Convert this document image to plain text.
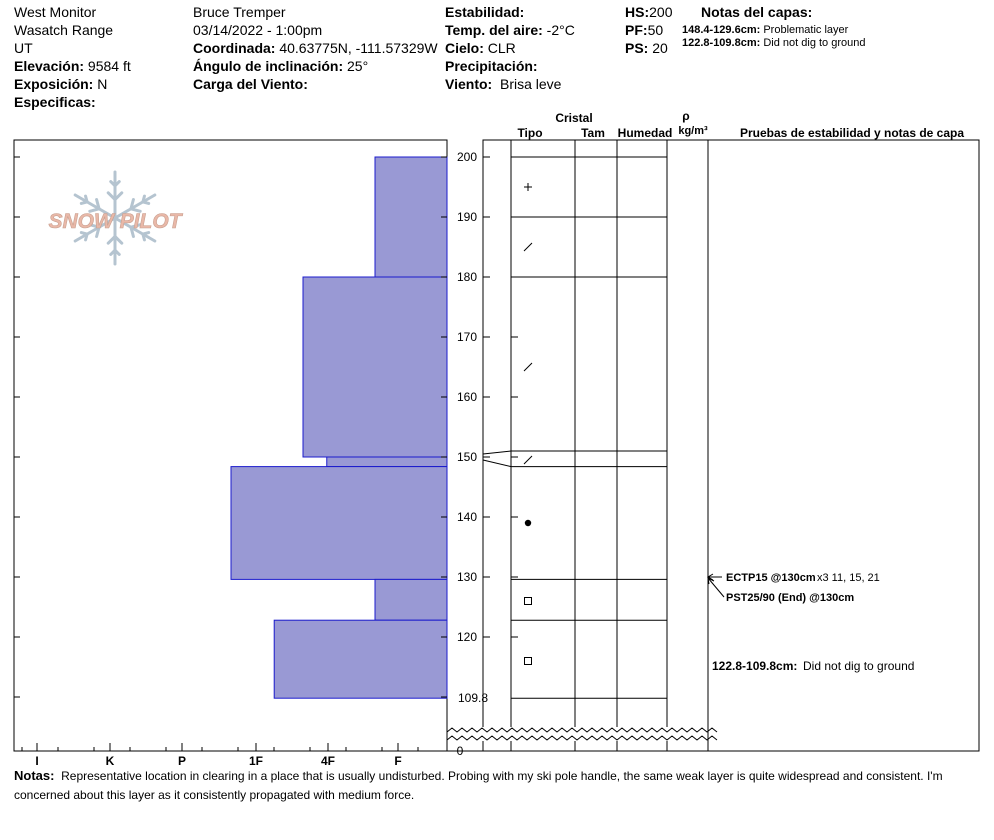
West Monitor
Wasatch Range
UT
Elevación: 9584 ft
Exposición: N
Especificas:
Bruce Tremper
03/14/2022 - 1:00pm
Coordinada: 40.63775N, -111.57329W
Ángulo de inclinación: 25°
Carga del Viento:
Estabilidad:
Temp. del aire: -2°C
Cielo: CLR
Precipitación:
Viento: Brisa leve
HS:200
PF:50
PS: 20
Notas del capas:
148.4-129.6cm: Problematic layer
122.8-109.8cm: Did not dig to ground
SNOW PILOT
I	K	P	1F	4F	F
200
190
180
170
160
150
140
130
120
109.8
0
Cristal
Tipo	Tam Humedad
ρ
kg/m³	Pruebas de estabilidad y notas de capa
ECTP15 @130cm x3 11, 15, 21
PST25/90 (End) @130cm
122.8-109.8cm: Did not dig to ground
Notas: Representative location in clearing in a place that is usually undisturbed. Probing with my ski pole handle, the same weak layer is quite widespread and consistent. I'm concerned about this layer as it consistently propagated with medium force.
